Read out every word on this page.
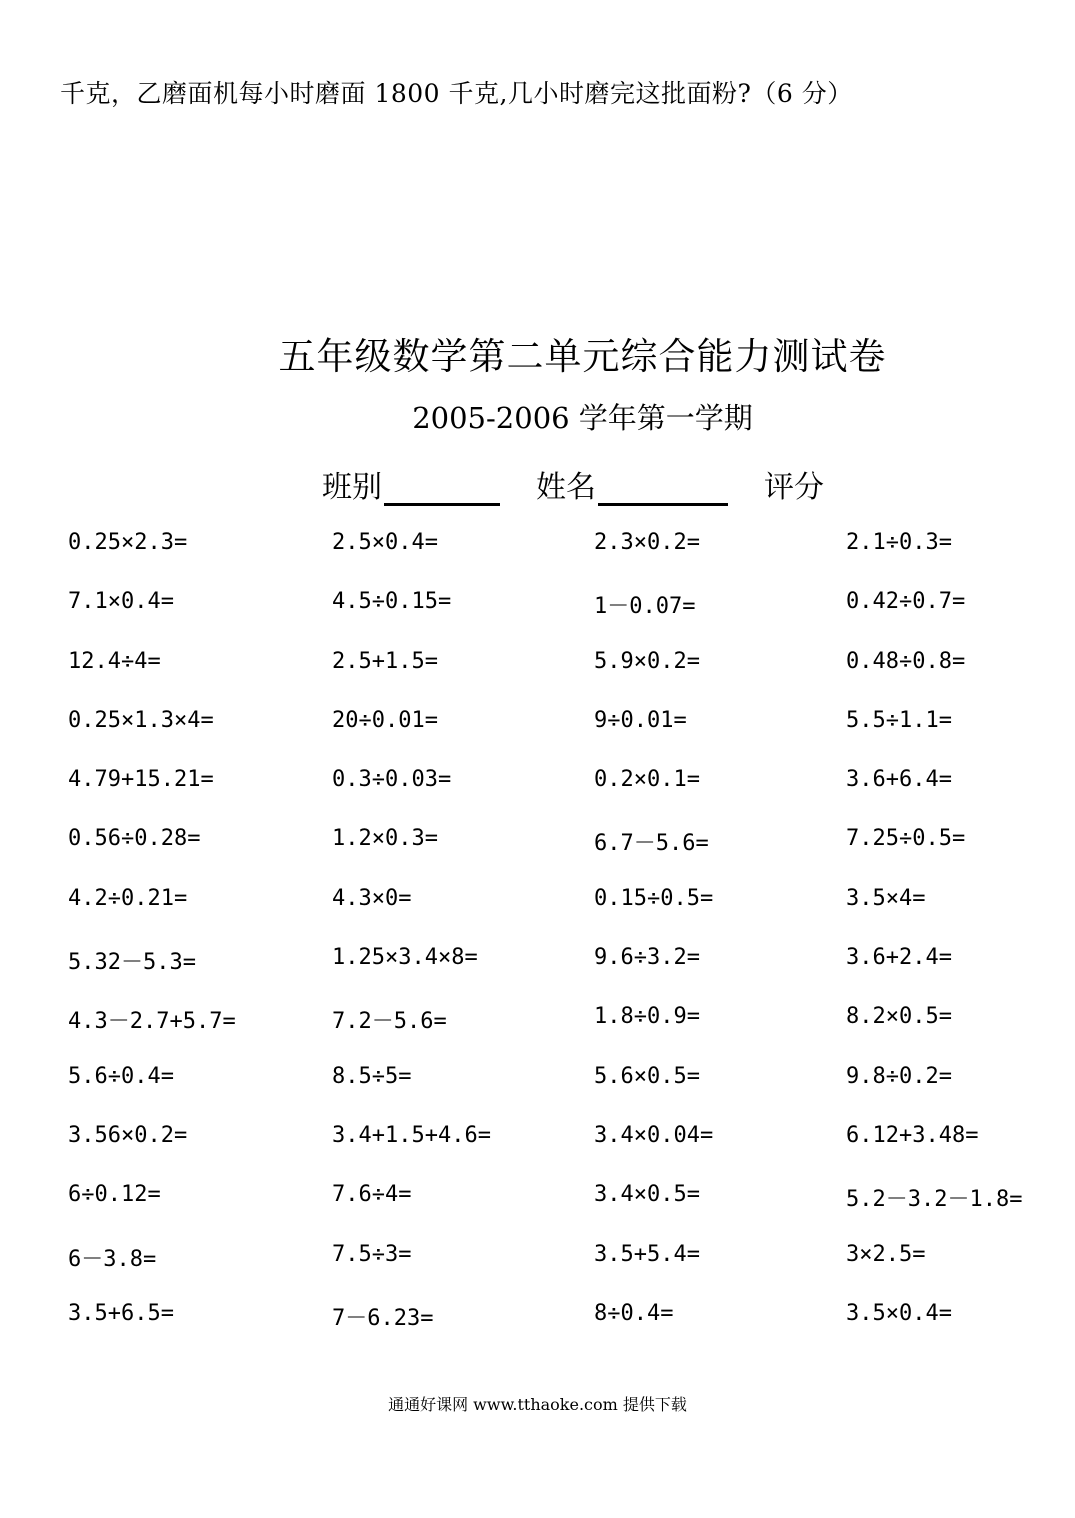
千克，乙磨面机每小时磨面 1800 千克,几小时磨完这批面粉?（6 分）
五年级数学第二单元综合能力测试卷
2005-2006 学年第一学期
班别	姓名	评分
0.25×2.3=	2.5×0.4=	2.3×0.2=	2.1÷0.3=
7.1×0.4=	4.5÷0.15=	1－0.07=	0.42÷0.7=
12.4÷4=	2.5+1.5=	5.9×0.2=	0.48÷0.8=
0.25×1.3×4=	20÷0.01=	9÷0.01=	5.5÷1.1=
4.79+15.21=	0.3÷0.03=	0.2×0.1=	3.6+6.4=
0.56÷0.28=	1.2×0.3=	6.7－5.6=	7.25÷0.5=
4.2÷0.21=	4.3×0=	0.15÷0.5=	3.5×4=
5.32－5.3=	1.25×3.4×8=	9.6÷3.2=	3.6+2.4=
4.3－2.7+5.7=	7.2－5.6=	1.8÷0.9=	8.2×0.5=
5.6÷0.4=	8.5÷5=	5.6×0.5=	9.8÷0.2=
3.56×0.2=	3.4+1.5+4.6=	3.4×0.04=	6.12+3.48=
6÷0.12=	7.6÷4=	3.4×0.5=	5.2－3.2－1.8=
6－3.8=	7.5÷3=	3.5+5.4=	3×2.5=
3.5+6.5=	7－6.23=	8÷0.4=	3.5×0.4=
通通好课网 www.tthaoke.com 提供下载
